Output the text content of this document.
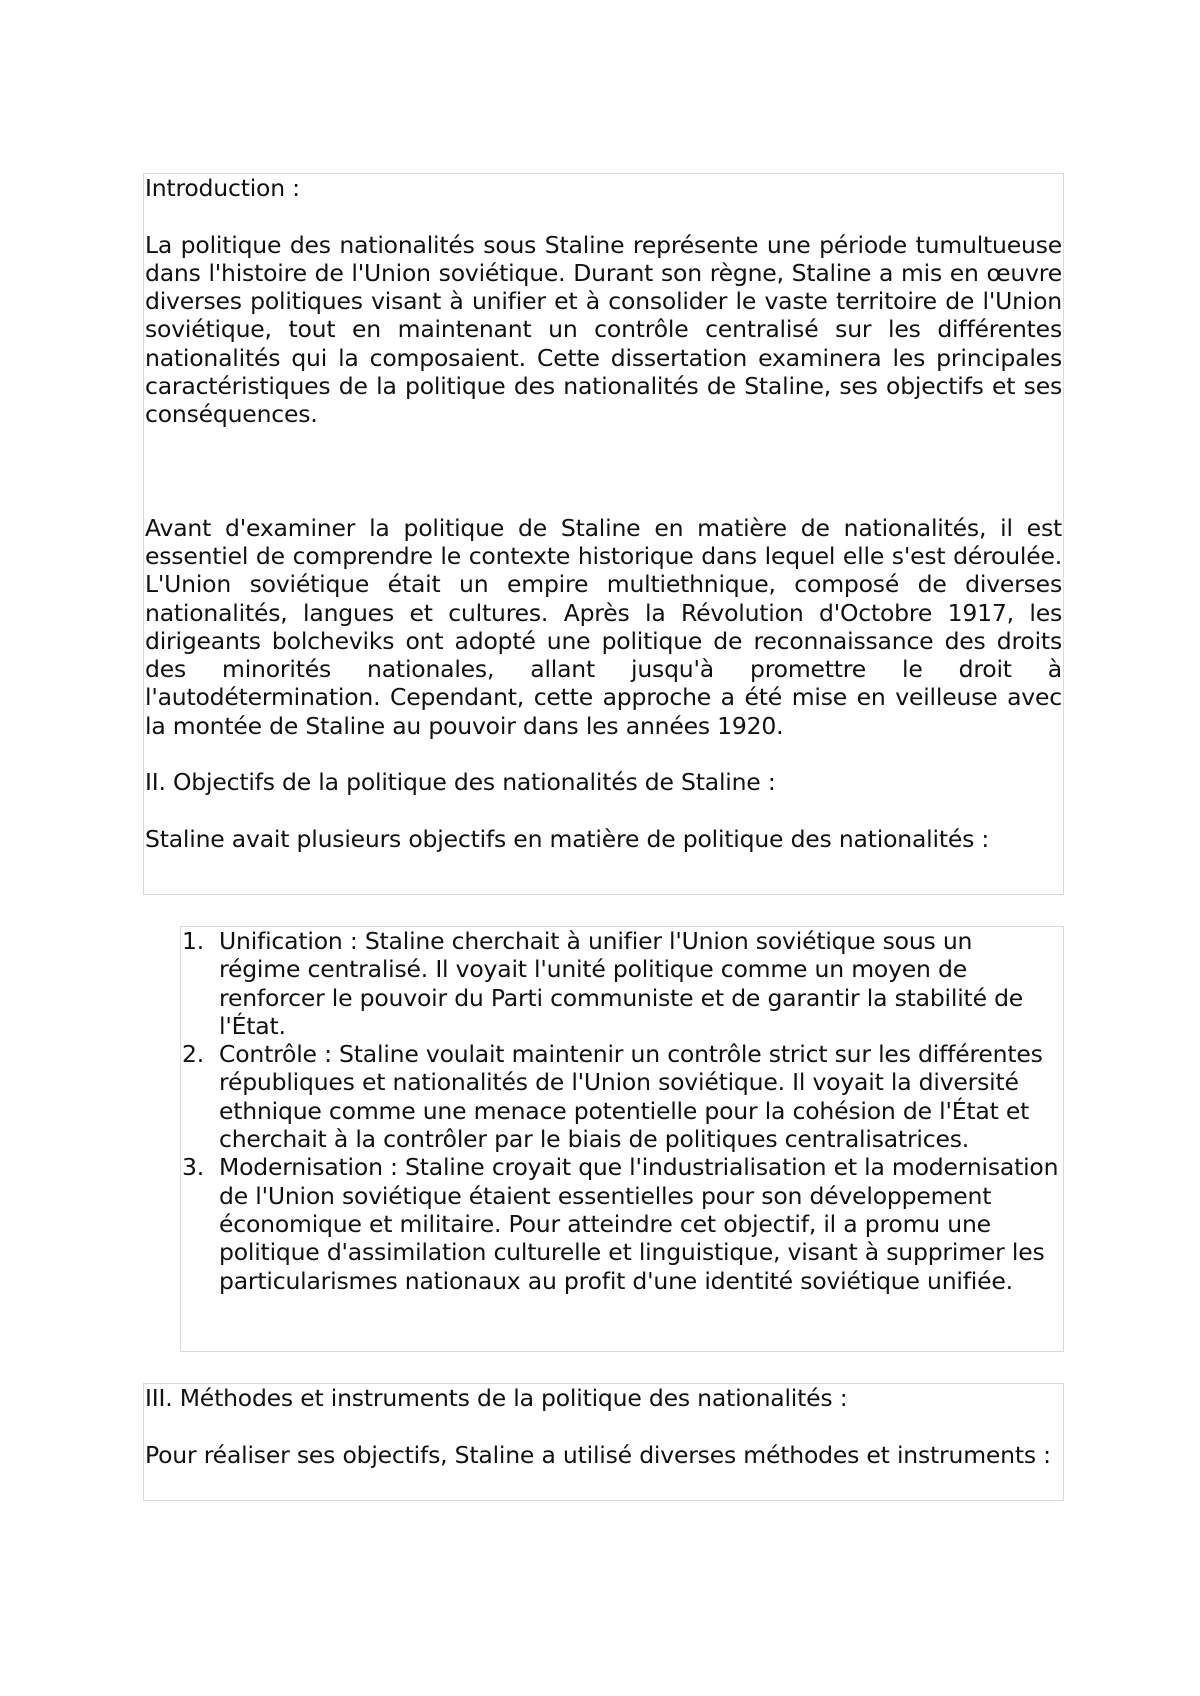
Introduction :

La politique des nationalités sous Staline représente une période tumultueuse dans l'histoire de l'Union soviétique. Durant son règne, Staline a mis en œuvre diverses politiques visant à unifier et à consolider le vaste territoire de l'Union soviétique, tout en maintenant un contrôle centralisé sur les différentes nationalités qui la composaient. Cette dissertation examinera les principales caractéristiques de la politique des nationalités de Staline, ses objectifs et ses conséquences.

Avant d'examiner la politique de Staline en matière de nationalités, il est essentiel de comprendre le contexte historique dans lequel elle s'est déroulée. L'Union soviétique était un empire multiethnique, composé de diverses nationalités, langues et cultures. Après la Révolution d'Octobre 1917, les dirigeants bolcheviks ont adopté une politique de reconnaissance des droits des minorités nationales, allant jusqu'à promettre le droit à l'autodétermination. Cependant, cette approche a été mise en veilleuse avec la montée de Staline au pouvoir dans les années 1920.

II. Objectifs de la politique des nationalités de Staline :

Staline avait plusieurs objectifs en matière de politique des nationalités :

1. Unification : Staline cherchait à unifier l'Union soviétique sous un régime centralisé. Il voyait l'unité politique comme un moyen de renforcer le pouvoir du Parti communiste et de garantir la stabilité de l'État.
2. Contrôle : Staline voulait maintenir un contrôle strict sur les différentes républiques et nationalités de l'Union soviétique. Il voyait la diversité ethnique comme une menace potentielle pour la cohésion de l'État et cherchait à la contrôler par le biais de politiques centralisatrices.
3. Modernisation : Staline croyait que l'industrialisation et la modernisation de l'Union soviétique étaient essentielles pour son développement économique et militaire. Pour atteindre cet objectif, il a promu une politique d'assimilation culturelle et linguistique, visant à supprimer les particularismes nationaux au profit d'une identité soviétique unifiée.

III. Méthodes et instruments de la politique des nationalités :

Pour réaliser ses objectifs, Staline a utilisé diverses méthodes et instruments :
